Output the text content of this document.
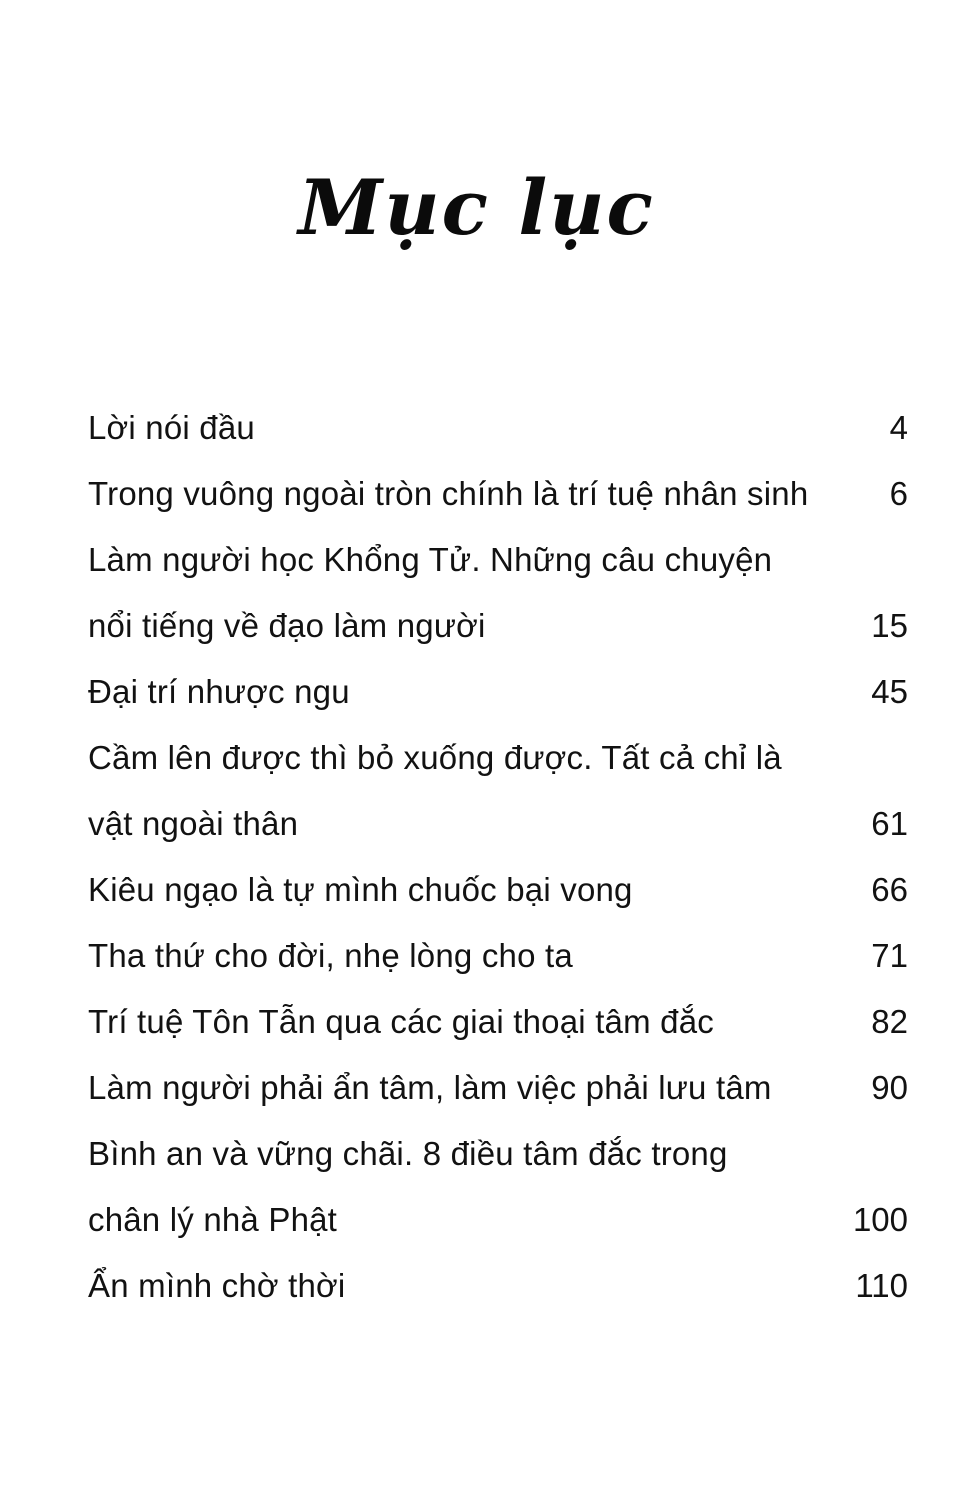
Mục lục
Lời nói đầu	4
Trong vuông ngoài tròn chính là trí tuệ nhân sinh	6
Làm người học Khổng Tử. Những câu chuyện
nổi tiếng về đạo làm người	15
Đại trí nhược ngu	45
Cầm lên được thì bỏ xuống được. Tất cả chỉ là
vật ngoài thân	61
Kiêu ngạo là tự mình chuốc bại vong	66
Tha thứ cho đời, nhẹ lòng cho ta	71
Trí tuệ Tôn Tẫn qua các giai thoại tâm đắc	82
Làm người phải ẩn tâm, làm việc phải lưu tâm	90
Bình an và vững chãi. 8 điều tâm đắc trong
chân lý nhà Phật	100
Ẩn mình chờ thời	110
